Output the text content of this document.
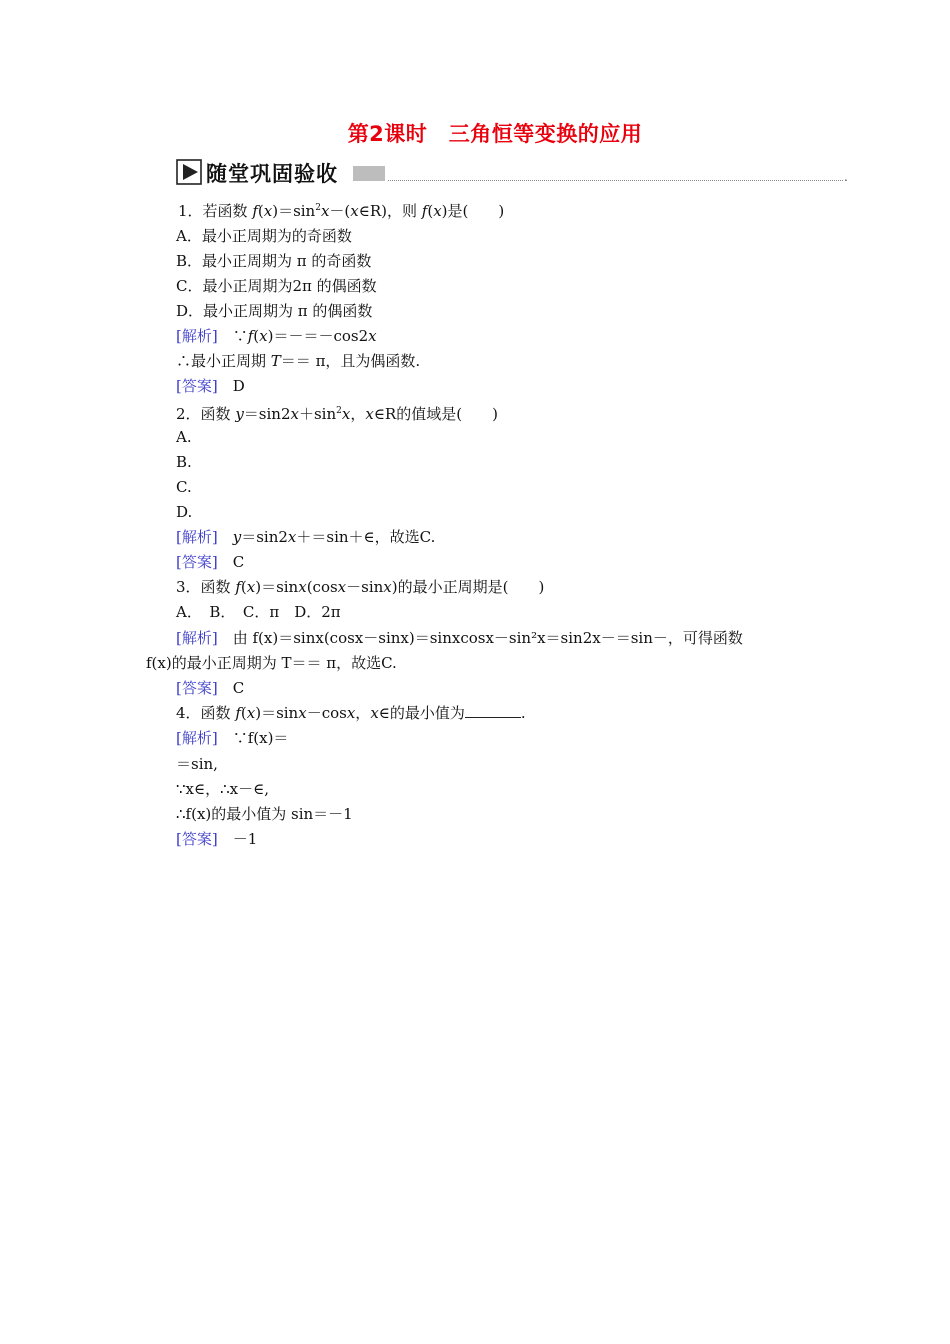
第2课时　三角恒等变换的应用
随堂巩固验收	.
1．若函数 $f(x)=\sin^2x-(x\in R)$，则 f(x)是(　　)
A．最小正周期为的奇函数
B．最小正周期为 π 的奇函数
C．最小正周期为2π 的偶函数
D．最小正周期为 π 的偶函数
[解析]　∵f(x)＝－＝－cos2x
∴最小正周期 T＝＝ π，且为偶函数.
[答案]　D
2．函数 $y=\sin 2x+\sin^2x$，x∈R的值域是(　　)
A.
B.
C.
D.
[解析]　 y＝sin2x＋＝sin＋∈，故选C.
[答案]　C
3．函数 f(x)＝sinx(cosx－sinx)的最小正周期是(　　)
A．　B．　C．π　D．2π
[解析]　由 f(x)＝sinx(cosx－sinx)＝sinxcosx－sin²x＝sin2x－＝sin－，可得函数
f(x)的最小正周期为 T＝＝ π，故选C.
[答案]　C
4．函数 f(x)＝sinx－cosx，x∈的最小值为	.
[解析]　∵f(x)＝
＝sin,
∵x∈，∴x－∈,
∴f(x)的最小值为 sin＝－1
[答案]　－1
